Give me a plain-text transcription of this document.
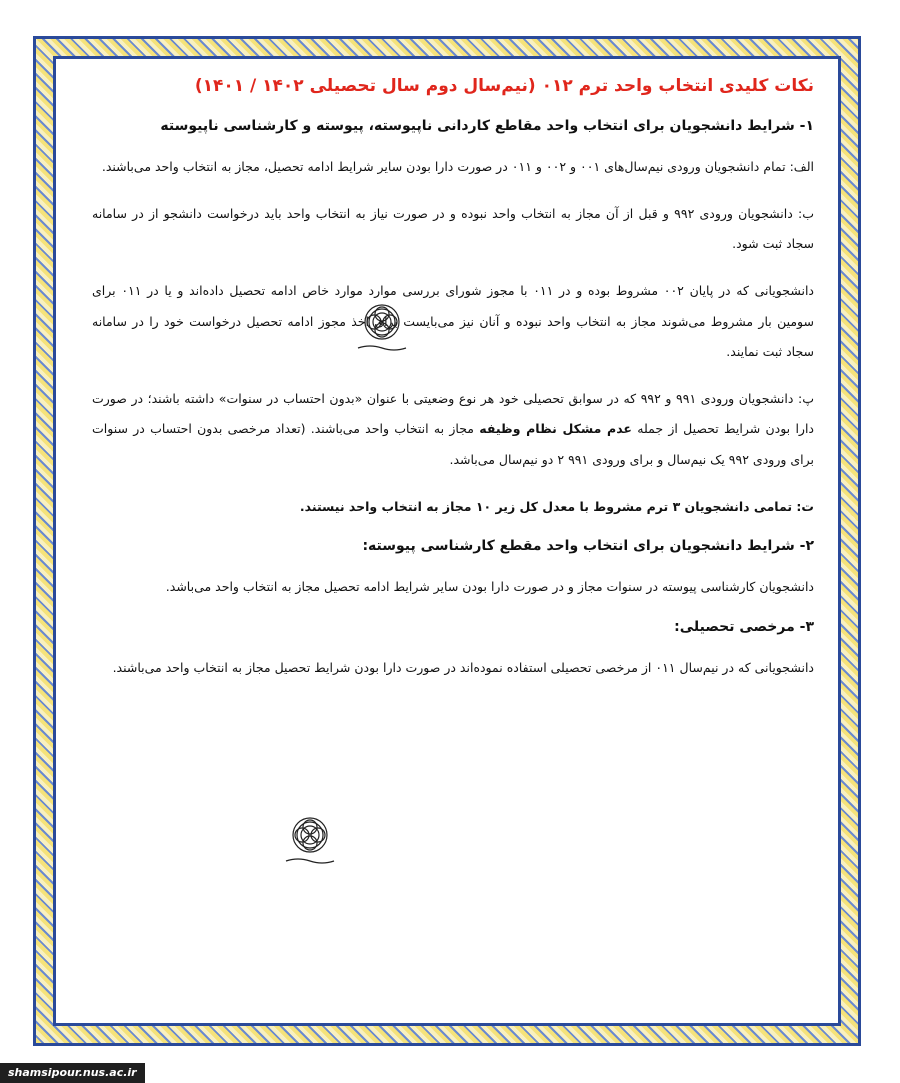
نکات کلیدی انتخاب واحد ترم ۰۱۲ (نیم‌سال دوم سال تحصیلی ۱۴۰۲ / ۱۴۰۱)
۱- شرایط دانشجویان برای انتخاب واحد مقاطع کاردانی ناپیوسته، پیوسته و کارشناسی ناپیوسته
الف: تمام دانشجویان ورودی نیم‌سال‌های ۰۰۱ و ۰۰۲ و ۰۱۱ در صورت دارا بودن سایر شرایط ادامه تحصیل، مجاز به انتخاب واحد می‌باشند.
ب: دانشجویان ورودی ۹۹۲ و قبل از آن مجاز به انتخاب واحد نبوده و در صورت نیاز به انتخاب واحد باید درخواست دانشجو از در سامانه سجاد ثبت شود.
دانشجویانی که در پایان ۰۰۲ مشروط بوده و در ۰۱۱ با مجوز شورای بررسی موارد موارد خاص ادامه تحصیل داده‌اند و یا در ۰۱۱ برای سومین بار مشروط می‌شوند مجاز به انتخاب واحد نبوده و آنان نیز می‌بایست برای اخذ مجوز ادامه تحصیل درخواست خود را در سامانه سجاد ثبت نمایند.
پ: دانشجویان ورودی ۹۹۱ و ۹۹۲ که در سوابق تحصیلی خود هر نوع وضعیتی با عنوان «بدون احتساب در سنوات» داشته باشند؛ در صورت دارا بودن شرایط تحصیل از جمله عدم مشکل نظام وظیفه مجاز به انتخاب واحد می‌باشند. (تعداد مرخصی بدون احتساب در سنوات برای ورودی ۹۹۲ یک نیم‌سال و برای ورودی ۹۹۱ ۲ دو نیم‌سال می‌باشد.
ت: تمامی دانشجویان ۳ ترم مشروط با معدل کل زیر ۱۰ مجاز به انتخاب واحد نیستند.
۲- شرایط دانشجویان برای انتخاب واحد مقطع کارشناسی پیوسته:
دانشجویان کارشناسی پیوسته در سنوات مجاز و در صورت دارا بودن سایر شرایط ادامه تحصیل مجاز به انتخاب واحد می‌باشد.
۳- مرخصی تحصیلی:
دانشجویانی که در نیم‌سال ۰۱۱ از مرخصی تحصیلی استفاده نموده‌اند در صورت دارا بودن شرایط تحصیل مجاز به انتخاب واحد می‌باشند.
shamsipour.nus.ac.ir
